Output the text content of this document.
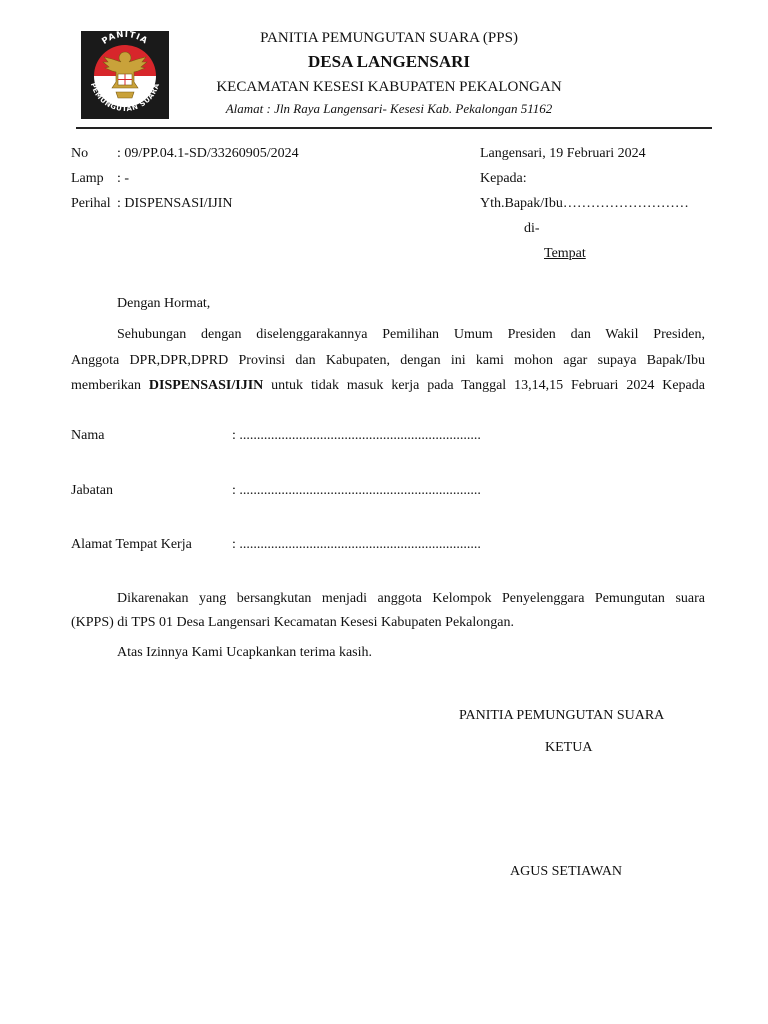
PANITIA
PEMUNGUTAN SUARA
PANITIA PEMUNGUTAN SUARA (PPS)
DESA LANGENSARI
KECAMATAN KESESI KABUPATEN PEKALONGAN
Alamat : Jln Raya Langensari- Kesesi Kab. Pekalongan 51162
No : 09/PP.04.1-SD/33260905/2024
Lamp : -
Perihal : DISPENSASI/IJIN
Langensari, 19 Februari 2024
Kepada:
Yth.Bapak/Ibu………………………
di-
Tempat
Dengan Hormat,
Sehubungan dengan diselenggarakannya Pemilihan Umum Presiden dan Wakil Presiden,
Anggota DPR,DPR,DPRD Provinsi dan Kabupaten, dengan ini kami mohon agar supaya Bapak/Ibu
memberikan DISPENSASI/IJIN untuk tidak masuk kerja pada Tanggal 13,14,15 Februari 2024 Kepada
Nama	: .....................................................................
Jabatan	: .....................................................................
Alamat Tempat Kerja	: .....................................................................
Dikarenakan yang bersangkutan menjadi anggota Kelompok Penyelenggara Pemungutan suara
(KPPS) di TPS 01 Desa Langensari Kecamatan Kesesi Kabupaten Pekalongan.
Atas Izinnya Kami Ucapkankan terima kasih.
PANITIA PEMUNGUTAN SUARA
KETUA
AGUS SETIAWAN
